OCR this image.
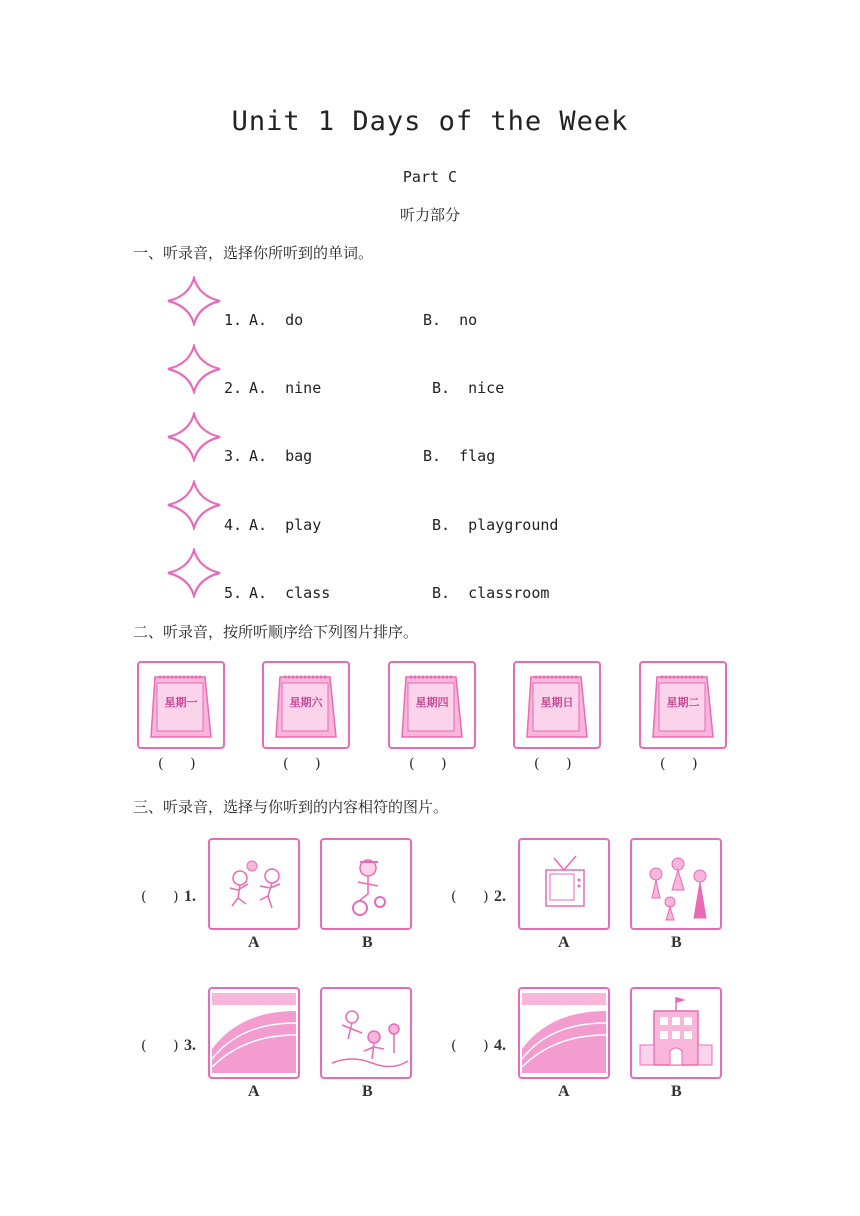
Unit 1 Days of the Week
Part C
听力部分
一、听录音，选择你所听到的单词。
1. A.  do	B.  no
2. A.  nine	B.  nice
3. A.  bag	B.  flag
4. A.  play	B.  playground
5. A.  class	B.  classroom
二、听录音，按所听顺序给下列图片排序。
星期一
(      )
星期六
(      )
星期四
(      )
星期日
(      )
星期二
(      )
三、听录音，选择与你听到的内容相符的图片。
(      ) 1.
A	B
(      ) 2.
A	B
(      ) 3.
A	B
(      ) 4.
A	B
